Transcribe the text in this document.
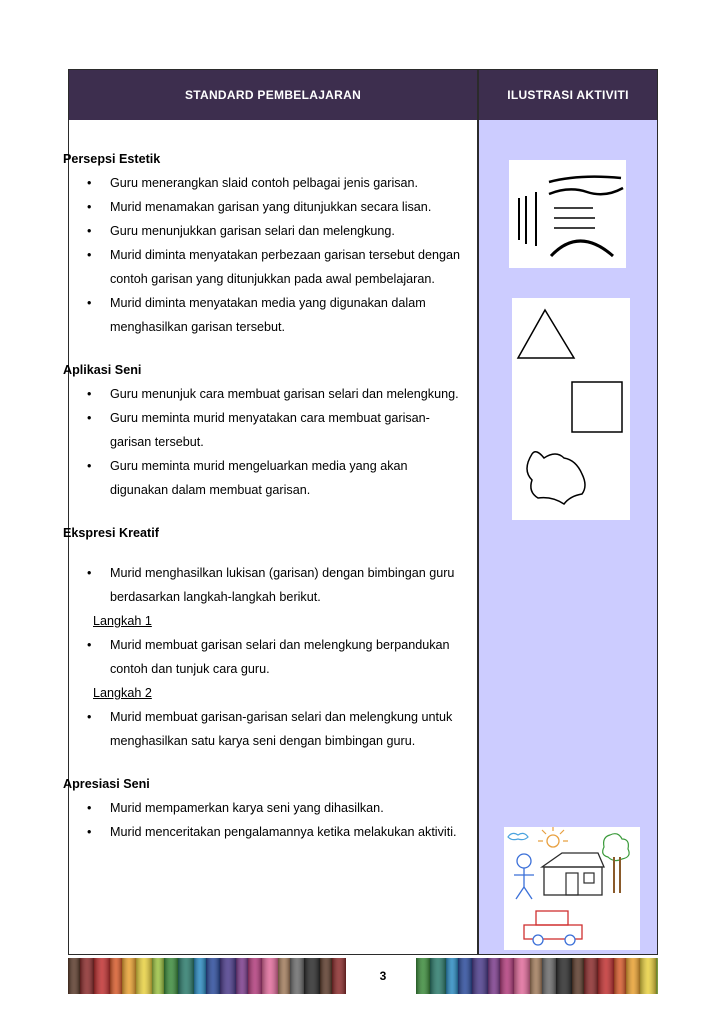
STANDARD PEMBELAJARAN	ILUSTRASI AKTIVITI

Persepsi Estetik

• Guru menerangkan slaid contoh pelbagai jenis garisan.
• Murid menamakan garisan yang ditunjukkan secara lisan.
• Guru menunjukkan garisan selari dan melengkung.
• Murid diminta menyatakan perbezaan garisan tersebut dengan contoh garisan yang ditunjukkan pada awal pembelajaran.
• Murid diminta menyatakan media yang digunakan dalam menghasilkan garisan tersebut.

Aplikasi Seni

• Guru menunjuk cara membuat garisan selari dan melengkung.
• Guru meminta murid menyatakan cara membuat garisan-garisan tersebut.
• Guru meminta murid mengeluarkan media yang akan digunakan dalam membuat garisan.

Ekspresi Kreatif

• Murid menghasilkan lukisan (garisan) dengan bimbingan guru berdasarkan langkah-langkah berikut.
Langkah 1
• Murid membuat garisan selari dan melengkung berpandukan contoh dan tunjuk cara guru.
Langkah 2
• Murid membuat garisan-garisan selari dan melengkung untuk menghasilkan satu karya seni dengan bimbingan guru.

Apresiasi Seni

• Murid mempamerkan karya seni yang dihasilkan.
• Murid menceritakan pengalamannya ketika melakukan aktiviti.
3
